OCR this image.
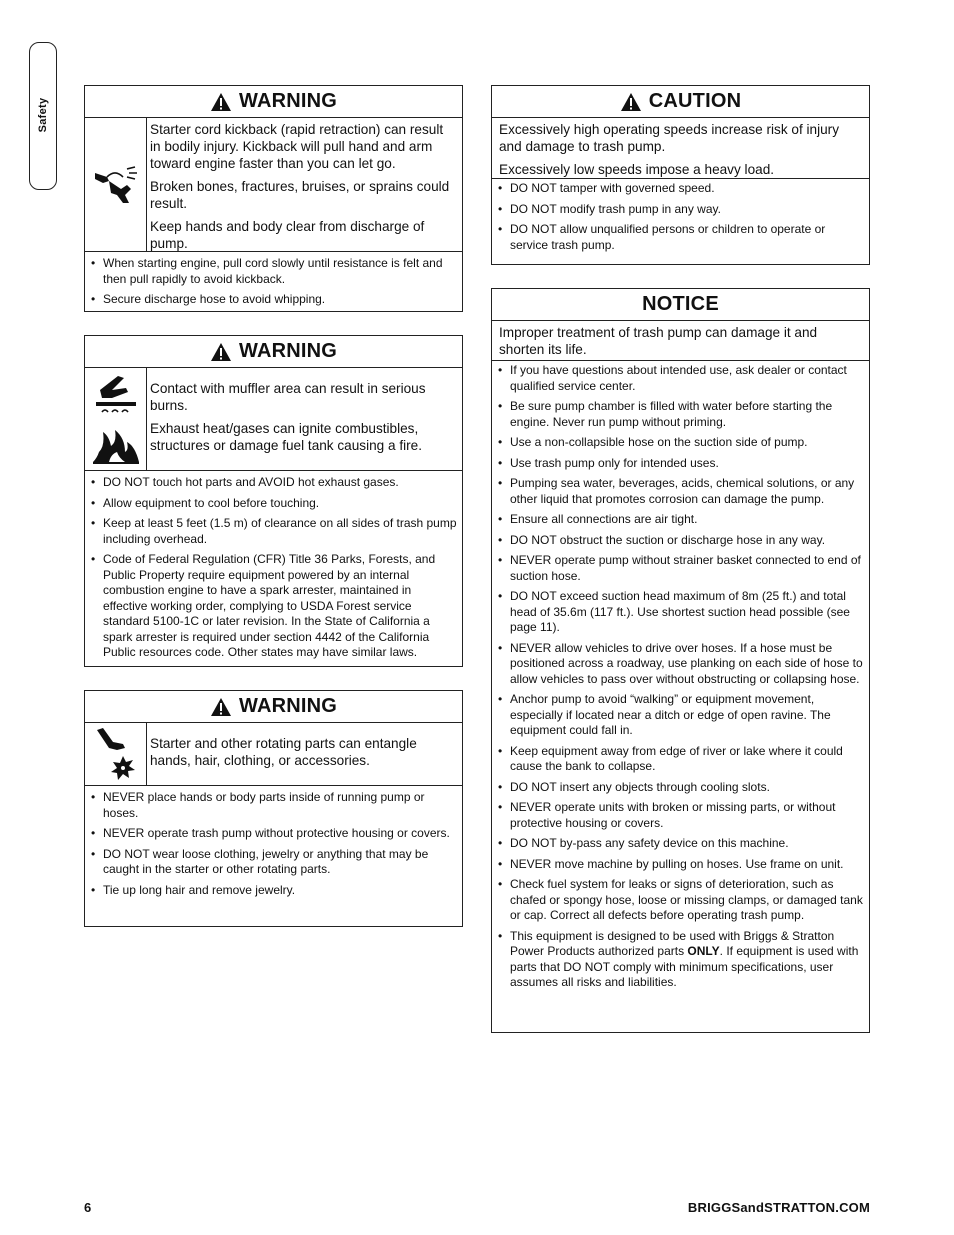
Safety	WARNING

Starter cord kickback (rapid retraction) can result in bodily injury. Kickback will pull hand and arm toward engine faster than you can let go.

Broken bones, fractures, bruises, or sprains could result.

Keep hands and body clear from discharge of pump.

• When starting engine, pull cord slowly until resistance is felt and then pull rapidly to avoid kickback.
• Secure discharge hose to avoid whipping.
WARNING

Contact with muffler area can result in serious burns.

Exhaust heat/gases can ignite combustibles, structures or damage fuel tank causing a fire.

• DO NOT touch hot parts and AVOID hot exhaust gases.
• Allow equipment to cool before touching.
• Keep at least 5 feet (1.5 m) of clearance on all sides of trash pump including overhead.
• Code of Federal Regulation (CFR) Title 36 Parks, Forests, and Public Property require equipment powered by an internal combustion engine to have a spark arrester, maintained in effective working order, complying to USDA Forest service standard 5100-1C or later revision. In the State of California a spark arrester is required under section 4442 of the California Public resources code. Other states may have similar laws.
WARNING

Starter and other rotating parts can entangle hands, hair, clothing, or accessories.

• NEVER place hands or body parts inside of running pump or hoses.
• NEVER operate trash pump without protective housing or covers.
• DO NOT wear loose clothing, jewelry or anything that may be caught in the starter or other rotating parts.
• Tie up long hair and remove jewelry.
CAUTION

Excessively high operating speeds increase risk of injury and damage to trash pump.

Excessively low speeds impose a heavy load.

• DO NOT tamper with governed speed.
• DO NOT modify trash pump in any way.
• DO NOT allow unqualified persons or children to operate or service trash pump.
NOTICE

Improper treatment of trash pump can damage it and shorten its life.

• If you have questions about intended use, ask dealer or contact qualified service center.
• Be sure pump chamber is filled with water before starting the engine. Never run pump without priming.
• Use a non-collapsible hose on the suction side of pump.
• Use trash pump only for intended uses.
• Pumping sea water, beverages, acids, chemical solutions, or any other liquid that promotes corrosion can damage the pump.
• Ensure all connections are air tight.
• DO NOT obstruct the suction or discharge hose in any way.
• NEVER operate pump without strainer basket connected to end of suction hose.
• DO NOT exceed suction head maximum of 8m (25 ft.) and total head of 35.6m (117 ft.). Use shortest suction head possible (see page 11).
• NEVER allow vehicles to drive over hoses. If a hose must be positioned across a roadway, use planking on each side of hose to allow vehicles to pass over without obstructing or collapsing hose.
• Anchor pump to avoid “walking” or equipment movement, especially if located near a ditch or edge of open ravine. The equipment could fall in.
• Keep equipment away from edge of river or lake where it could cause the bank to collapse.
• DO NOT insert any objects through cooling slots.
• NEVER operate units with broken or missing parts, or without protective housing or covers.
• DO NOT by-pass any safety device on this machine.
• NEVER move machine by pulling on hoses. Use frame on unit.
• Check fuel system for leaks or signs of deterioration, such as chafed or spongy hose, loose or missing clamps, or damaged tank or cap. Correct all defects before operating trash pump.
• This equipment is designed to be used with Briggs & Stratton Power Products authorized parts ONLY. If equipment is used with parts that DO NOT comply with minimum specifications, user assumes all risks and liabilities.
6	BRIGGSandSTRATTON.COM
